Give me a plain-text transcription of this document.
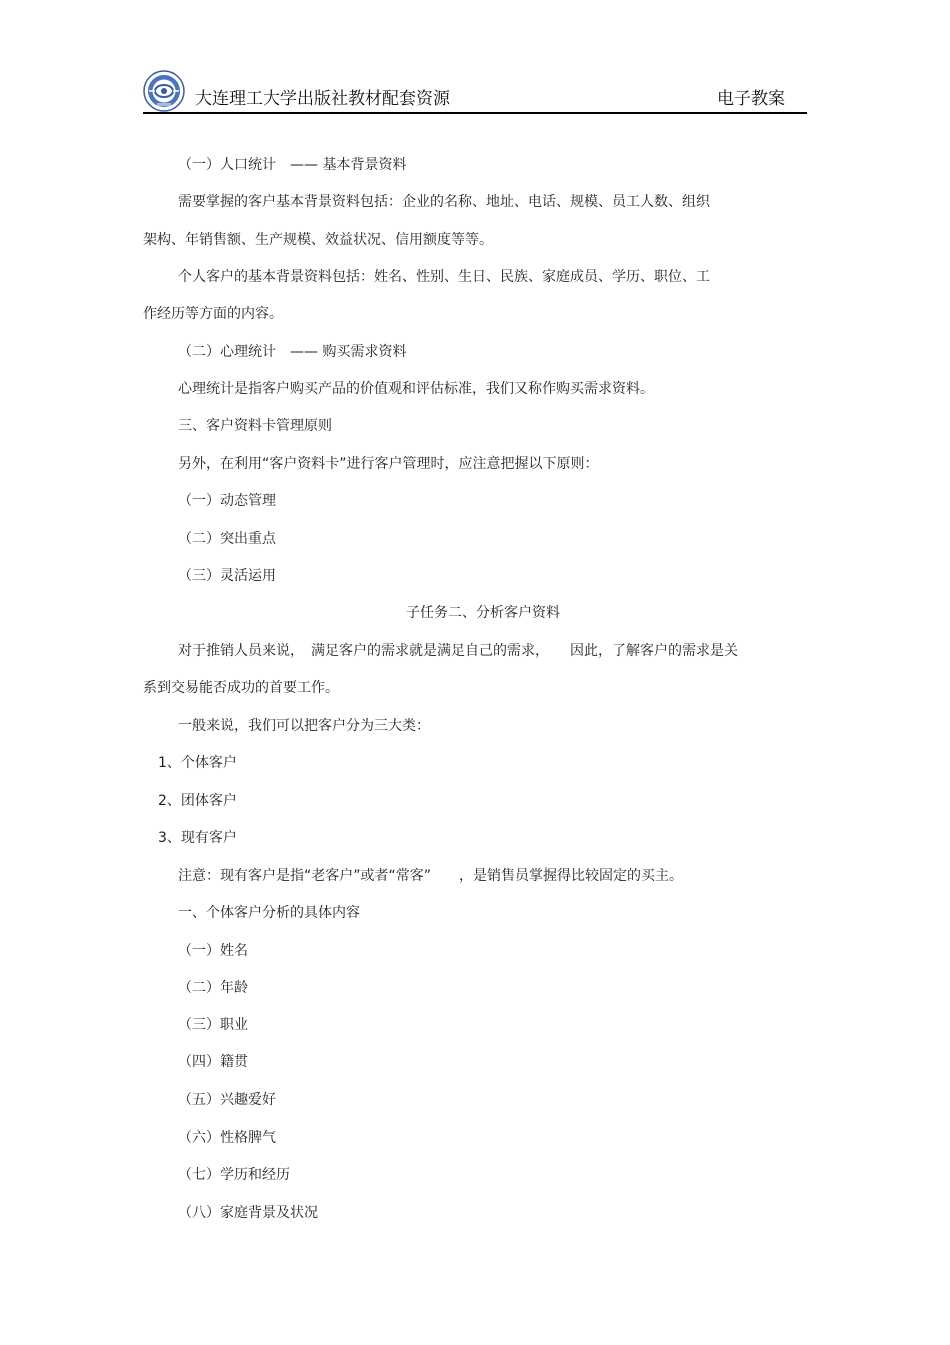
大连理工大学出版社教材配套资源	电子教案
（一）人口统计　—— 基本背景资料
需要掌握的客户基本背景资料包括：企业的名称、地址、电话、规模、员工人数、组织
架构、年销售额、生产规模、效益状况、信用额度等等。
个人客户的基本背景资料包括：姓名、性别、生日、民族、家庭成员、学历、职位、工
作经历等方面的内容。
（二）心理统计　—— 购买需求资料
心理统计是指客户购买产品的价值观和评估标准，我们又称作购买需求资料。
三、客户资料卡管理原则
另外，在利用“客户资料卡”进行客户管理时，应注意把握以下原则：
（一）动态管理
（二）突出重点
（三）灵活运用
子任务二、分析客户资料
对于推销人员来说，　满足客户的需求就是满足自己的需求，　　因此，了解客户的需求是关
系到交易能否成功的首要工作。
一般来说，我们可以把客户分为三大类：
1、个体客户
2、团体客户
3、现有客户
注意：现有客户是指“老客户”或者“常客”　　，是销售员掌握得比较固定的买主。
一、个体客户分析的具体内容
（一）姓名
（二）年龄
（三）职业
（四）籍贯
（五）兴趣爱好
（六）性格脾气
（七）学历和经历
（八）家庭背景及状况
